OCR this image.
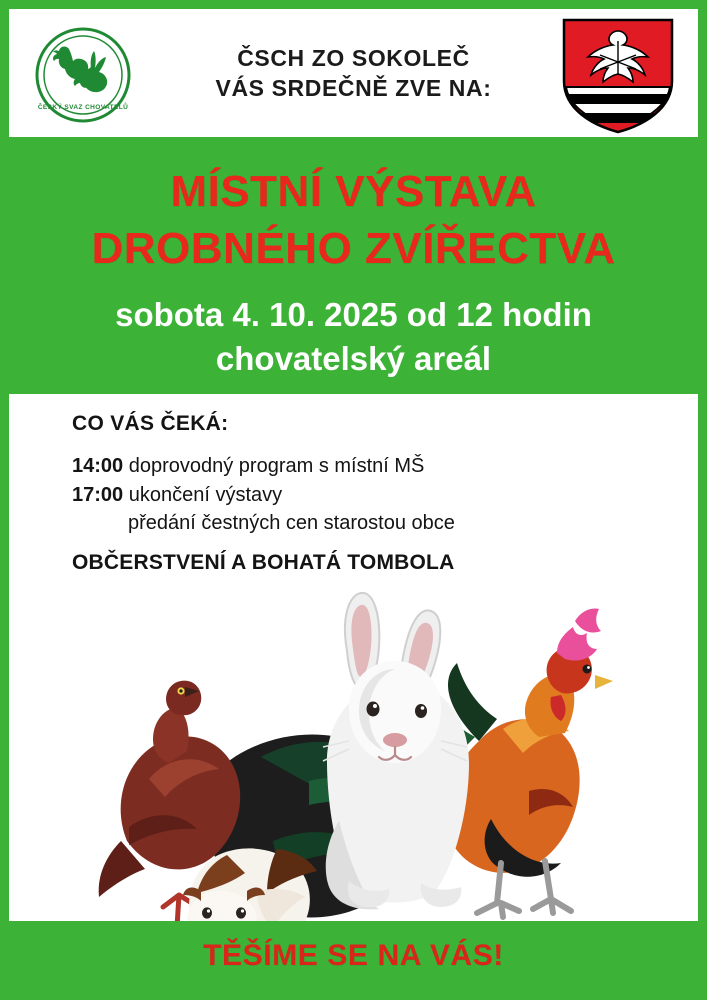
ČESKÝ SVAZ CHOVATELŮ
ČSCH ZO SOKOLEČ
VÁS SRDEČNĚ ZVE NA:
MÍSTNÍ VÝSTAVA
DROBNÉHO ZVÍŘECTVA
sobota 4. 10. 2025 od 12 hodin
chovatelský areál
CO VÁS ČEKÁ:
14:00 doprovodný program s místní MŠ
17:00 ukončení výstavy
předání čestných cen starostou obce
OBČERSTVENÍ A BOHATÁ TOMBOLA
TĚŠÍME SE NA VÁS!
